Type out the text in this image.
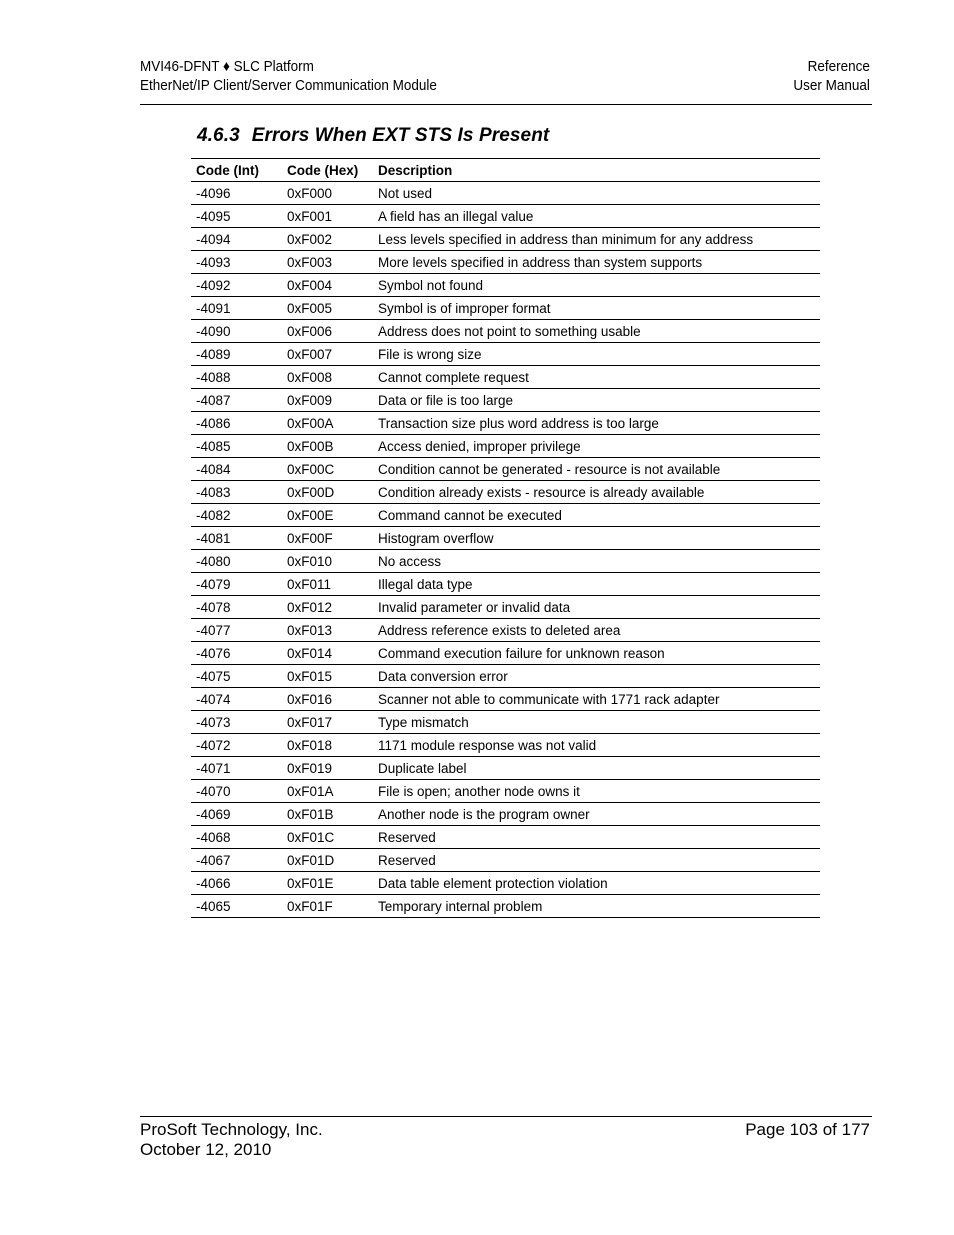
MVI46-DFNT ♦ SLC Platform
EtherNet/IP Client/Server Communication Module
Reference
User Manual
4.6.3 Errors When EXT STS Is Present
Code (Int)	Code (Hex)	Description
-4096	0xF000	Not used
-4095	0xF001	A field has an illegal value
-4094	0xF002	Less levels specified in address than minimum for any address
-4093	0xF003	More levels specified in address than system supports
-4092	0xF004	Symbol not found
-4091	0xF005	Symbol is of improper format
-4090	0xF006	Address does not point to something usable
-4089	0xF007	File is wrong size
-4088	0xF008	Cannot complete request
-4087	0xF009	Data or file is too large
-4086	0xF00A	Transaction size plus word address is too large
-4085	0xF00B	Access denied, improper privilege
-4084	0xF00C	Condition cannot be generated - resource is not available
-4083	0xF00D	Condition already exists - resource is already available
-4082	0xF00E	Command cannot be executed
-4081	0xF00F	Histogram overflow
-4080	0xF010	No access
-4079	0xF011	Illegal data type
-4078	0xF012	Invalid parameter or invalid data
-4077	0xF013	Address reference exists to deleted area
-4076	0xF014	Command execution failure for unknown reason
-4075	0xF015	Data conversion error
-4074	0xF016	Scanner not able to communicate with 1771 rack adapter
-4073	0xF017	Type mismatch
-4072	0xF018	1171 module response was not valid
-4071	0xF019	Duplicate label
-4070	0xF01A	File is open; another node owns it
-4069	0xF01B	Another node is the program owner
-4068	0xF01C	Reserved
-4067	0xF01D	Reserved
-4066	0xF01E	Data table element protection violation
-4065	0xF01F	Temporary internal problem
ProSoft Technology, Inc.
October 12, 2010
Page 103 of 177
